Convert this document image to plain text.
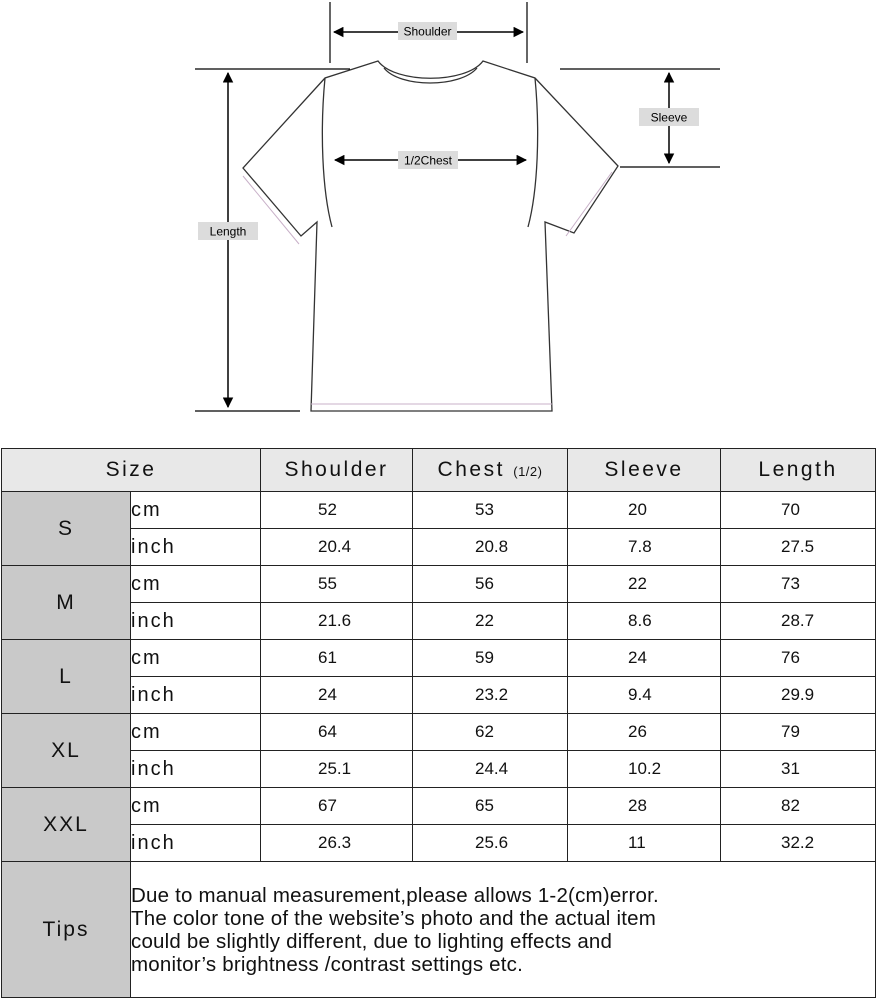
Shoulder
1/2Chest
Sleeve
Length
Size		Shoulder	Chest (1/2)	Sleeve	Length
S	cm	52	53	20	70
	inch	20.4	20.8	7.8	27.5
M	cm	55	56	22	73
	inch	21.6	22	8.6	28.7
L	cm	61	59	24	76
	inch	24	23.2	9.4	29.9
XL	cm	64	62	26	79
	inch	25.1	24.4	10.2	31
XXL	cm	67	65	28	82
	inch	26.3	25.6	11	32.2
Tips	Due to manual measurement,please allows 1-2(cm)error.
The color tone of the website’s photo and the actual item
could be slightly different, due to lighting effects and
monitor’s brightness /contrast settings etc.				
